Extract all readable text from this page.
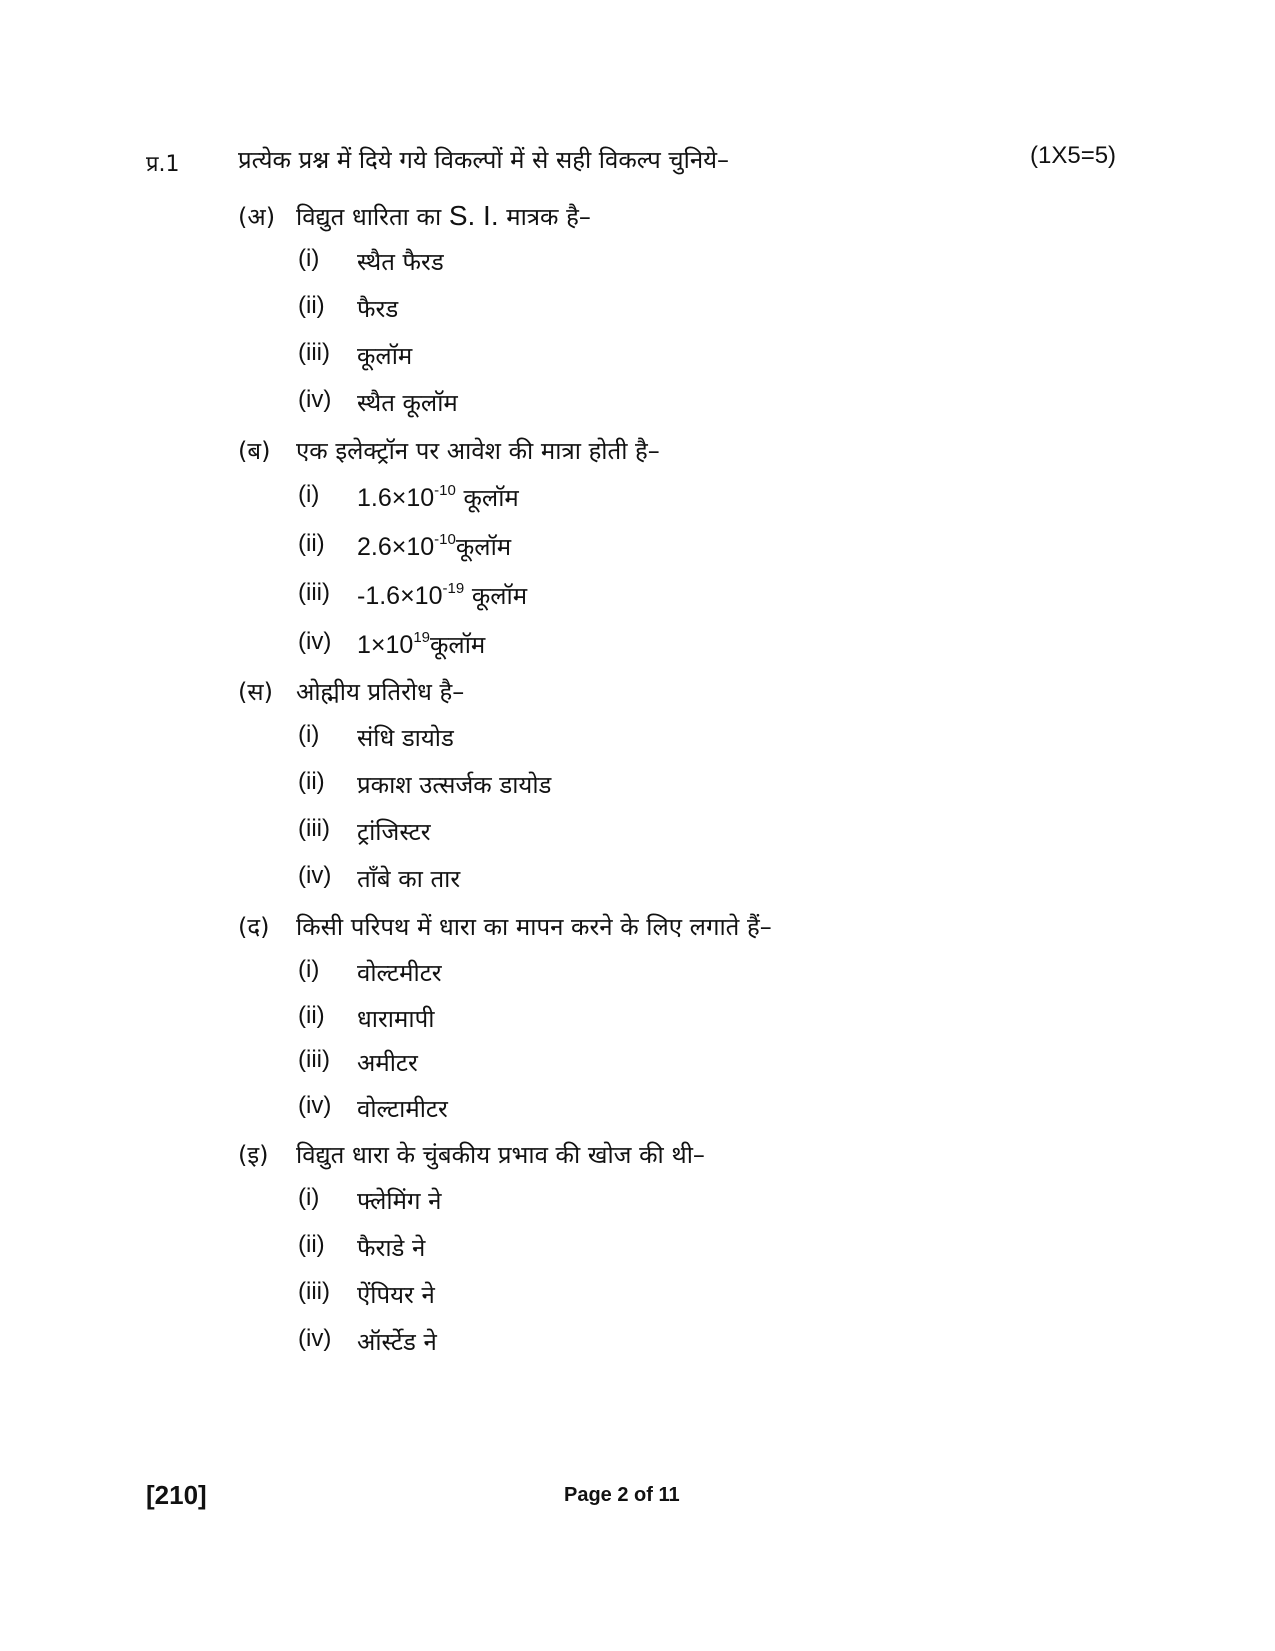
प्र.1 प्रत्येक प्रश्न में दिये गये विकल्पों में से सही विकल्प चुनिये–	(1X5=5)
(अ) विद्युत धारिता का S. I. मात्रक है–
(i) स्थैत फैरड
(ii) फैरड
(iii) कूलॉम
(iv) स्थैत कूलॉम
(ब) एक इलेक्ट्रॉन पर आवेश की मात्रा होती है–
(i) $1.6\times 10^{-10}$ कूलॉम
(ii) $2.6\times 10^{-10}कूलॉम$
(iii) $-1.6\times 10^{-19}$ कूलॉम
(iv) $1\times 10^{19}कूलॉम$
(स) ओह्मीय प्रतिरोध है–
(i) संधि डायोड
(ii) प्रकाश उत्सर्जक डायोड
(iii) ट्रांजिस्टर
(iv) ताँबे का तार
(द) किसी परिपथ में धारा का मापन करने के लिए लगाते हैं–
(i) वोल्टमीटर
(ii) धारामापी
(iii) अमीटर
(iv) वोल्टामीटर
(इ) विद्युत धारा के चुंबकीय प्रभाव की खोज की थी–
(i) फ्लेमिंग ने
(ii) फैराडे ने
(iii) ऐंपियर ने
(iv) ऑर्स्टेड ने
[210]	Page 2 of 11
